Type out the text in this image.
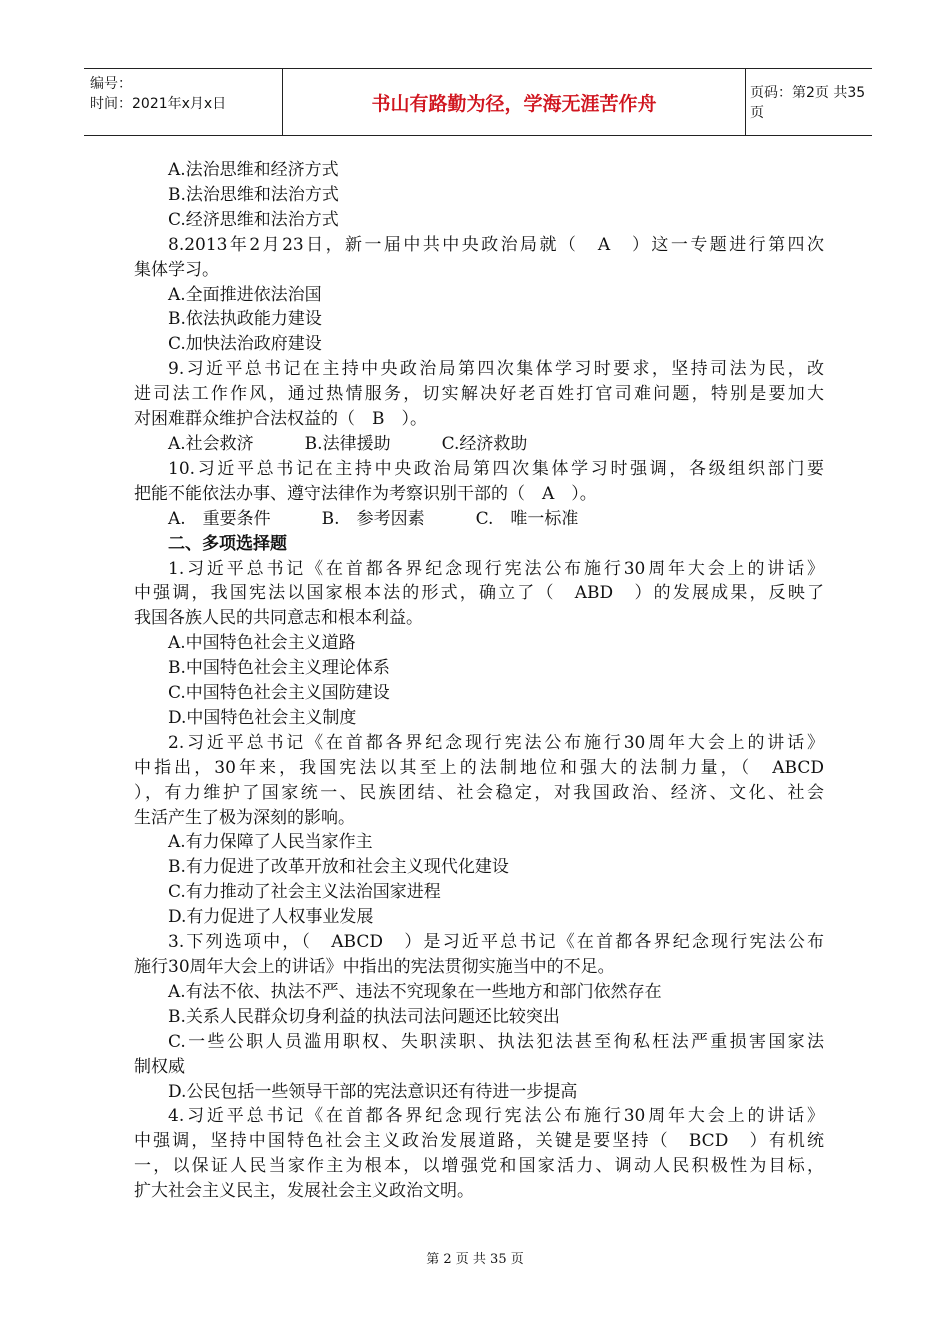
编号：
时间：2021年x月x日	书山有路勤为径，学海无涯苦作舟	页码：第2页 共35页
A.法治思维和经济方式
B.法治思维和法治方式
C.经济思维和法治方式
8.2013年2月23日，新一届中共中央政治局就（　A　）这一专题进行第四次
集体学习。
A.全面推进依法治国
B.依法执政能力建设
C.加快法治政府建设
9.习近平总书记在主持中央政治局第四次集体学习时要求，坚持司法为民，改
进司法工作作风，通过热情服务，切实解决好老百姓打官司难问题，特别是要加大
对困难群众维护合法权益的（　B　）。
A.社会救济　　　B.法律援助　　　C.经济救助
10.习近平总书记在主持中央政治局第四次集体学习时强调，各级组织部门要
把能不能依法办事、遵守法律作为考察识别干部的（　A　）。
A.　重要条件　　　B.　参考因素　　　C.　唯一标准
二、多项选择题
1.习近平总书记《在首都各界纪念现行宪法公布施行30周年大会上的讲话》
中强调，我国宪法以国家根本法的形式，确立了（　ABD　）的发展成果，反映了
我国各族人民的共同意志和根本利益。
A.中国特色社会主义道路
B.中国特色社会主义理论体系
C.中国特色社会主义国防建设
D.中国特色社会主义制度
2.习近平总书记《在首都各界纪念现行宪法公布施行30周年大会上的讲话》
中指出，30年来，我国宪法以其至上的法制地位和强大的法制力量，（　ABCD
），有力维护了国家统一、民族团结、社会稳定，对我国政治、经济、文化、社会
生活产生了极为深刻的影响。
A.有力保障了人民当家作主
B.有力促进了改革开放和社会主义现代化建设
C.有力推动了社会主义法治国家进程
D.有力促进了人权事业发展
3.下列选项中，（　ABCD　）是习近平总书记《在首都各界纪念现行宪法公布
施行30周年大会上的讲话》中指出的宪法贯彻实施当中的不足。
A.有法不依、执法不严、违法不究现象在一些地方和部门依然存在
B.关系人民群众切身利益的执法司法问题还比较突出
C.一些公职人员滥用职权、失职渎职、执法犯法甚至徇私枉法严重损害国家法
制权威
D.公民包括一些领导干部的宪法意识还有待进一步提高
4.习近平总书记《在首都各界纪念现行宪法公布施行30周年大会上的讲话》
中强调，坚持中国特色社会主义政治发展道路，关键是要坚持（　BCD　）有机统
一，以保证人民当家作主为根本，以增强党和国家活力、调动人民积极性为目标，
扩大社会主义民主，发展社会主义政治文明。
第 2 页 共 35 页
